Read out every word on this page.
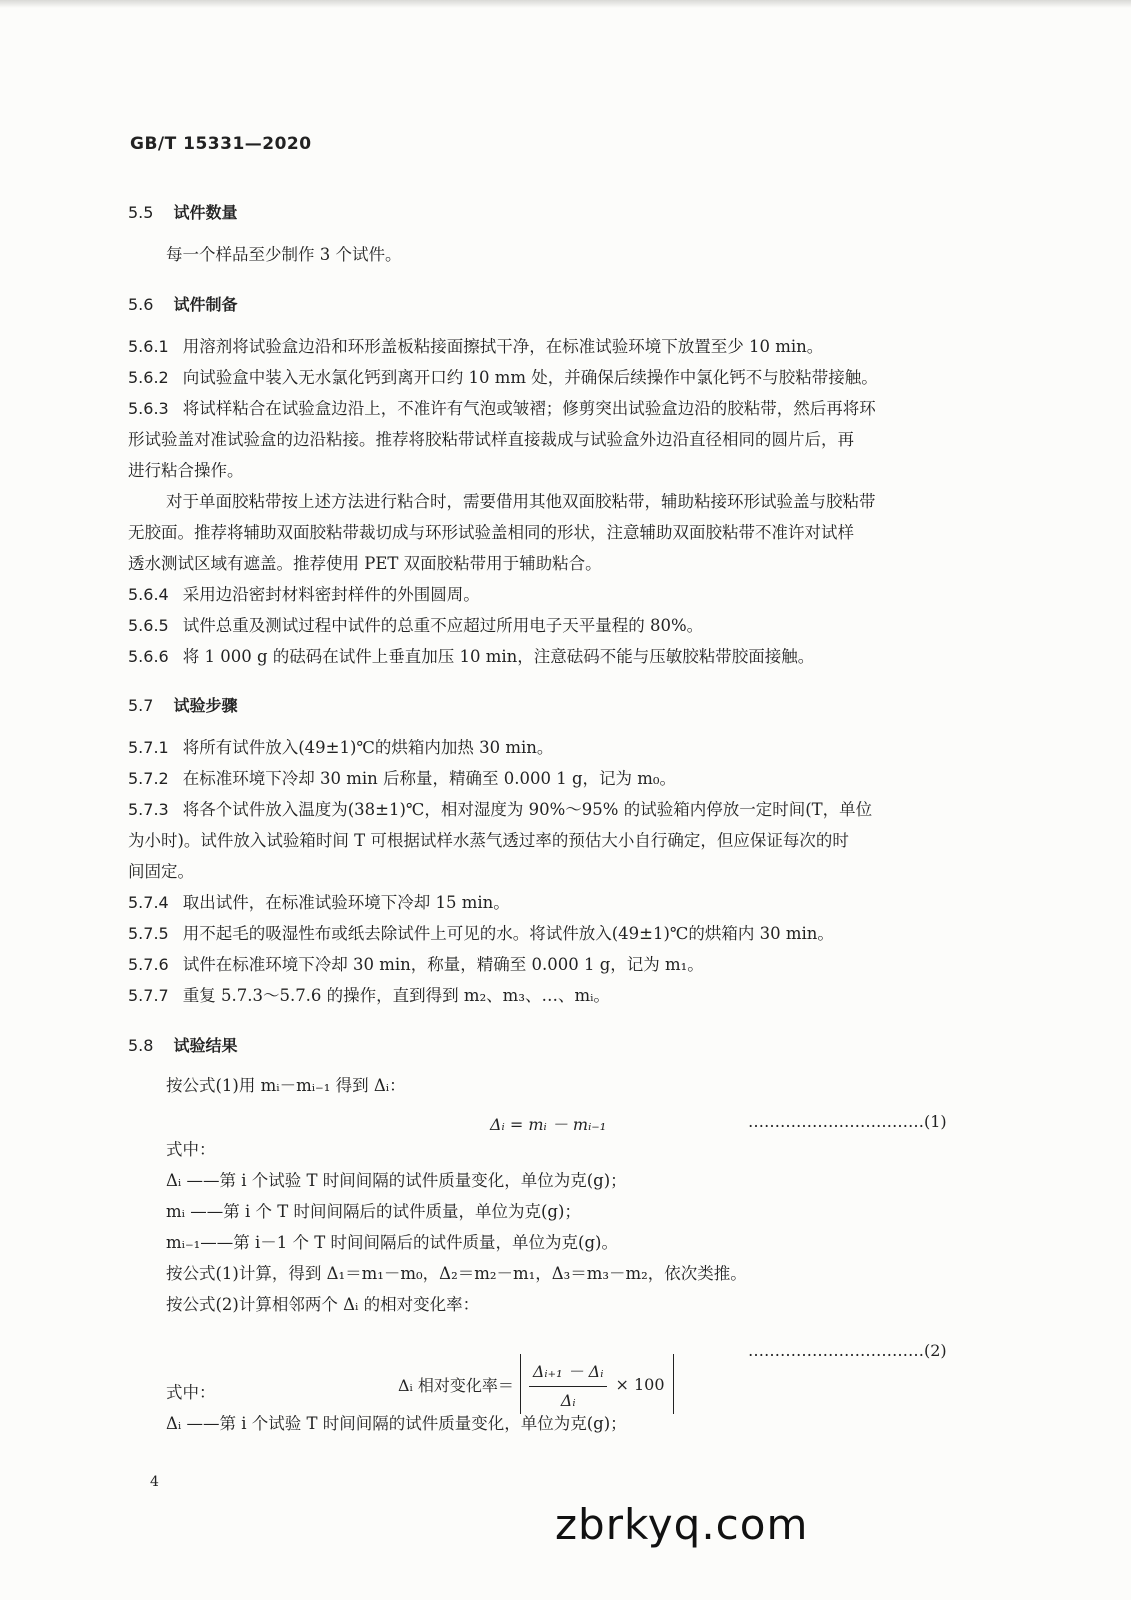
GB/T 15331—2020
5.5 试件数量
每一个样品至少制作 3 个试件。
5.6 试件制备
5.6.1 用溶剂将试验盒边沿和环形盖板粘接面擦拭干净，在标准试验环境下放置至少 10 min。
5.6.2 向试验盒中装入无水氯化钙到离开口约 10 mm 处，并确保后续操作中氯化钙不与胶粘带接触。
5.6.3 将试样粘合在试验盒边沿上，不准许有气泡或皱褶；修剪突出试验盒边沿的胶粘带，然后再将环
形试验盖对准试验盒的边沿粘接。推荐将胶粘带试样直接裁成与试验盒外边沿直径相同的圆片后，再
进行粘合操作。
对于单面胶粘带按上述方法进行粘合时，需要借用其他双面胶粘带，辅助粘接环形试验盖与胶粘带
无胶面。推荐将辅助双面胶粘带裁切成与环形试验盖相同的形状，注意辅助双面胶粘带不准许对试样
透水测试区域有遮盖。推荐使用 PET 双面胶粘带用于辅助粘合。
5.6.4 采用边沿密封材料密封样件的外围圆周。
5.6.5 试件总重及测试过程中试件的总重不应超过所用电子天平量程的 80%。
5.6.6 将 1 000 g 的砝码在试件上垂直加压 10 min，注意砝码不能与压敏胶粘带胶面接触。
5.7 试验步骤
5.7.1 将所有试件放入(49±1)℃的烘箱内加热 30 min。
5.7.2 在标准环境下冷却 30 min 后称量，精确至 0.000 1 g，记为 m₀。
5.7.3 将各个试件放入温度为(38±1)℃，相对湿度为 90%～95% 的试验箱内停放一定时间(T，单位
为小时)。试件放入试验箱时间 T 可根据试样水蒸气透过率的预估大小自行确定，但应保证每次的时
间固定。
5.7.4 取出试件，在标准试验环境下冷却 15 min。
5.7.5 用不起毛的吸湿性布或纸去除试件上可见的水。将试件放入(49±1)℃的烘箱内 30 min。
5.7.6 试件在标准环境下冷却 30 min，称量，精确至 0.000 1 g，记为 m₁。
5.7.7 重复 5.7.3～5.7.6 的操作，直到得到 m₂、m₃、…、mᵢ。
5.8 试验结果
按公式(1)用 mᵢ－mᵢ₋₁ 得到 Δᵢ：
Δᵢ = mᵢ － mᵢ₋₁	……………………………(1)
式中：
Δᵢ ——第 i 个试验 T 时间间隔的试件质量变化，单位为克(g)；
mᵢ ——第 i 个 T 时间间隔后的试件质量，单位为克(g)；
mᵢ₋₁——第 i－1 个 T 时间间隔后的试件质量，单位为克(g)。
按公式(1)计算，得到 Δ₁＝m₁－m₀，Δ₂＝m₂－m₁，Δ₃＝m₃－m₂，依次类推。
按公式(2)计算相邻两个 Δᵢ 的相对变化率：
Δᵢ 相对变化率＝ $\frac{\text{Δᵢ₊₁ － Δᵢ}}{\text{Δᵢ}} \times 100$
……………………………(2)
式中：
Δᵢ ——第 i 个试验 T 时间间隔的试件质量变化，单位为克(g)；
4
zbrkyq.com
